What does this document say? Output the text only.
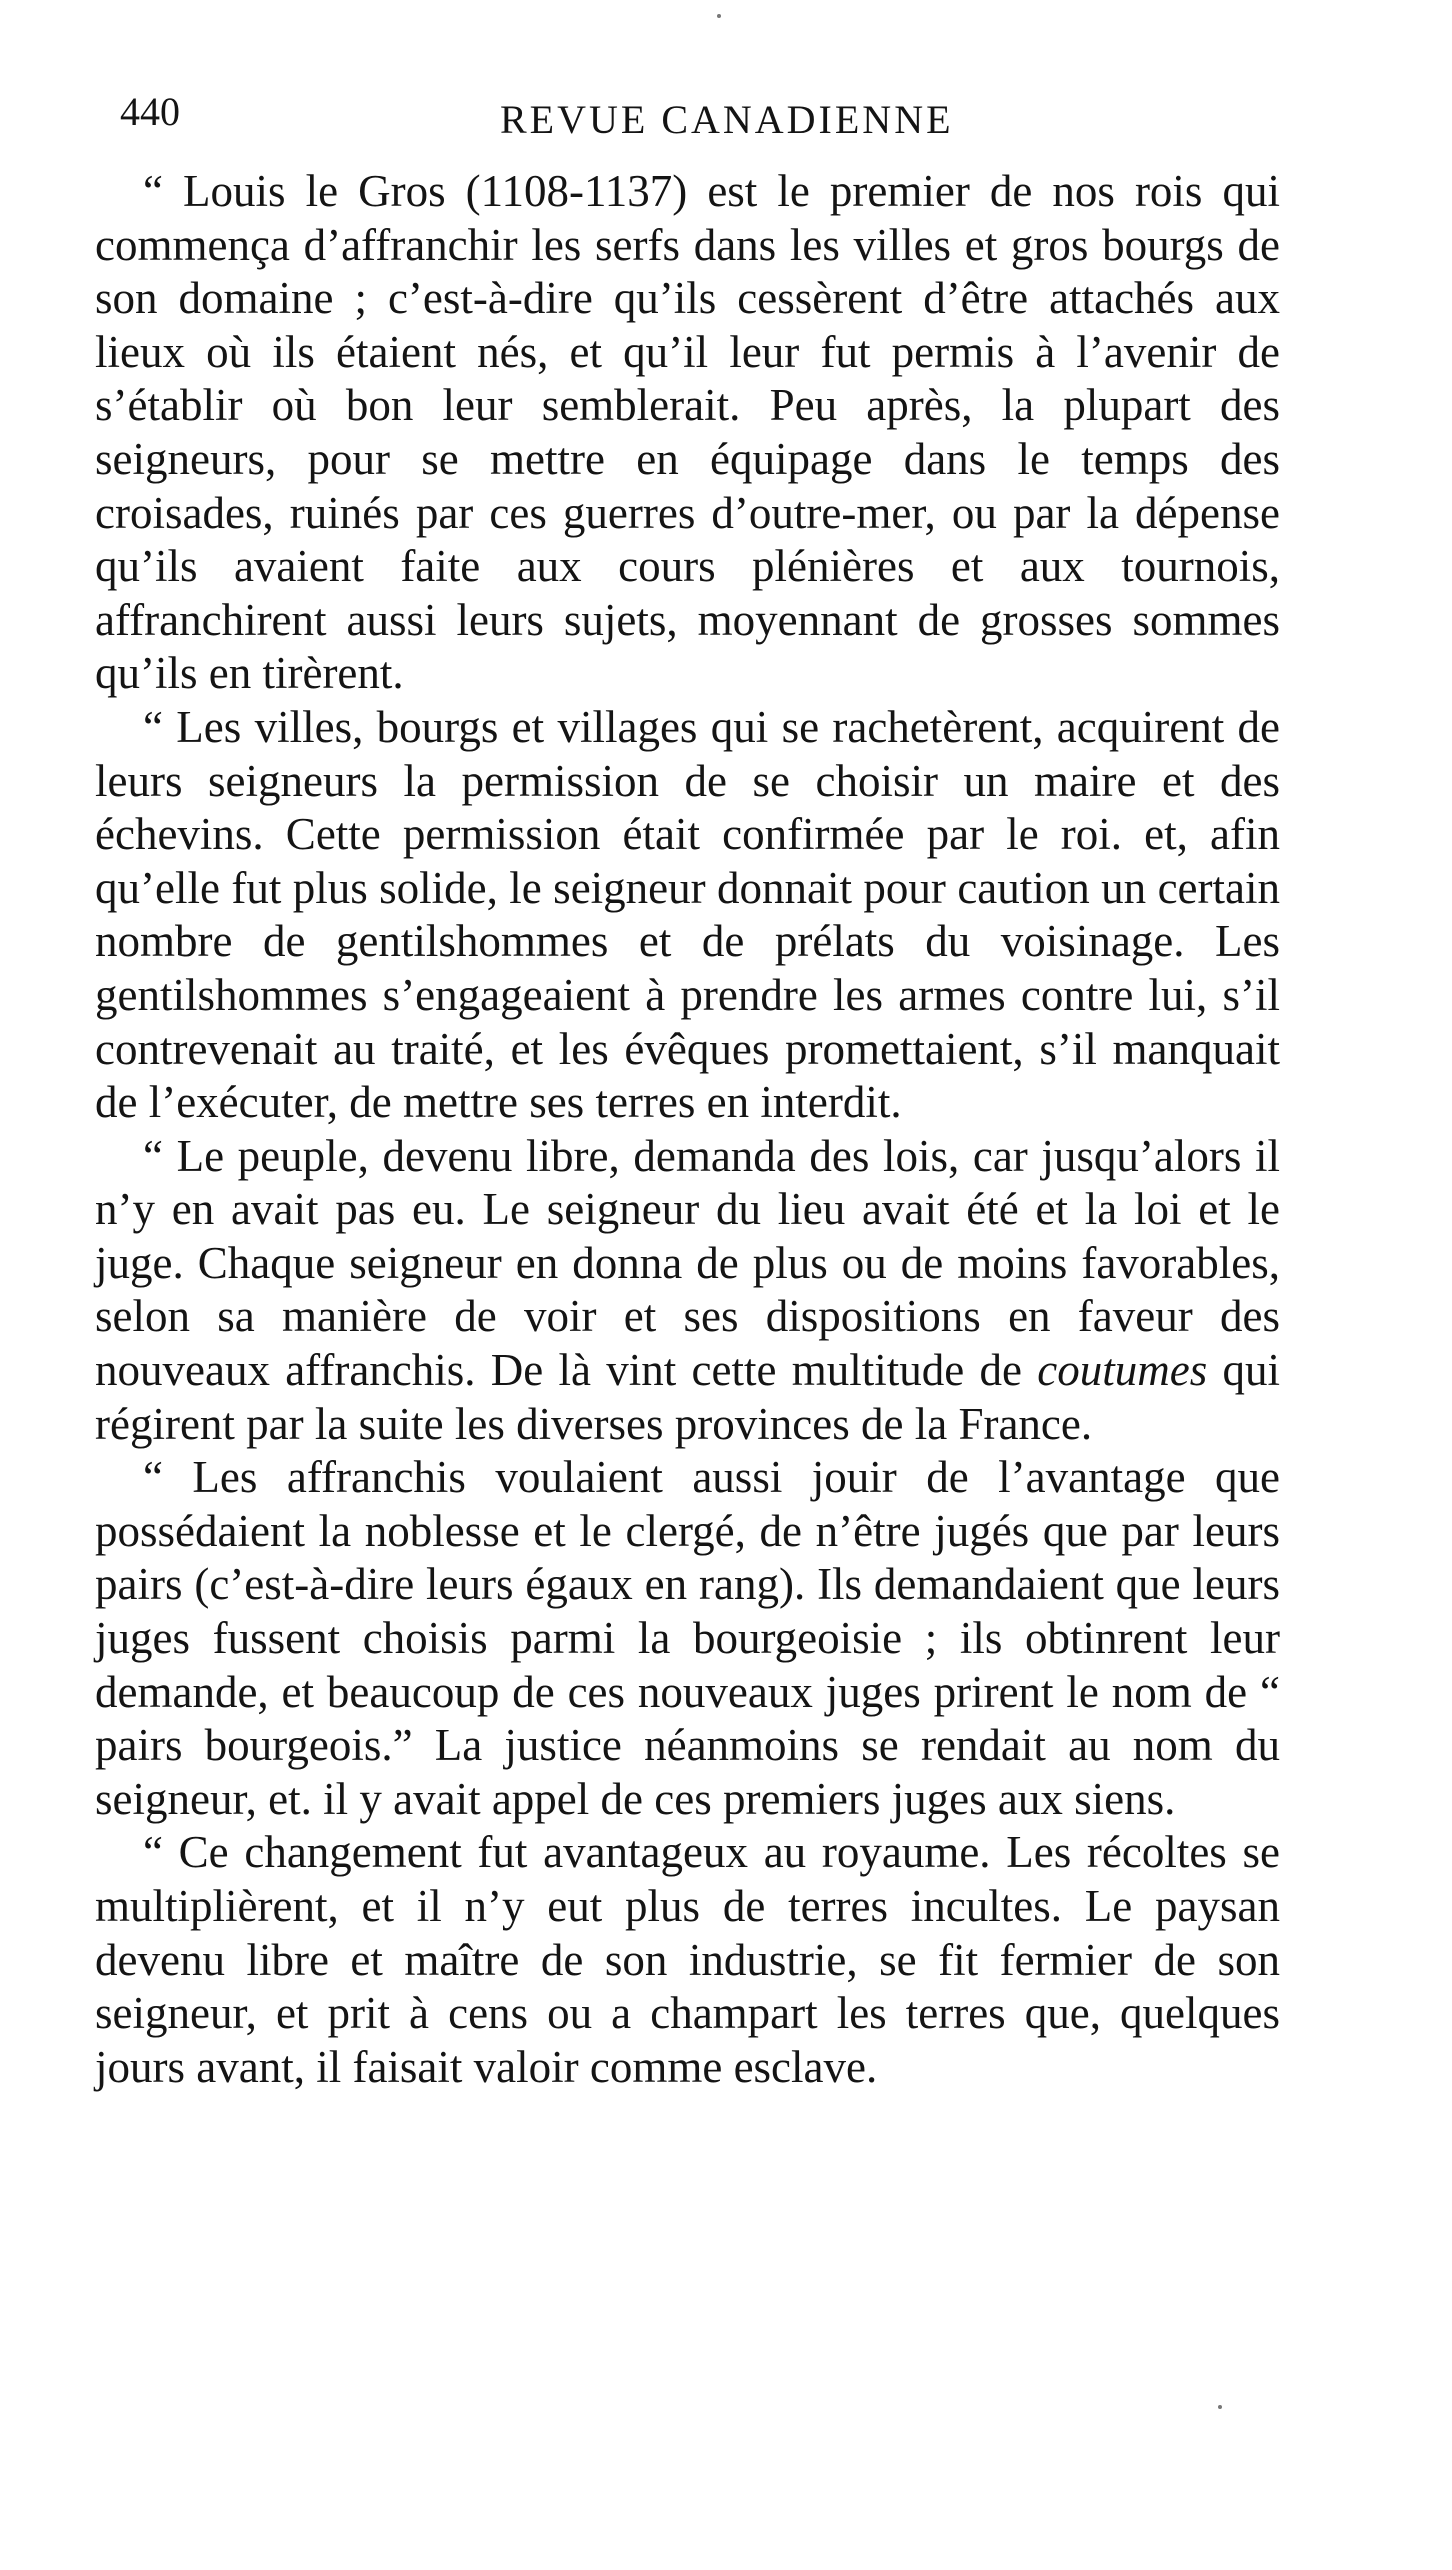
440	REVUE CANADIENNE

“ Louis le Gros (1108-1137) est le premier de nos rois qui commença d’affranchir les serfs dans les villes et gros bourgs de son domaine ; c’est-à-dire qu’ils cessèrent d’être attachés aux lieux où ils étaient nés, et qu’il leur fut permis à l’avenir de s’établir où bon leur semblerait. Peu après, la plupart des seigneurs, pour se mettre en équipage dans le temps des croisades, ruinés par ces guerres d’outre-mer, ou par la dépense qu’ils avaient faite aux cours plénières et aux tournois, affranchirent aussi leurs sujets, moyennant de grosses sommes qu’ils en tirèrent.

“ Les villes, bourgs et villages qui se rachetèrent, acquirent de leurs seigneurs la permission de se choisir un maire et des échevins. Cette permission était confirmée par le roi. et, afin qu’elle fut plus solide, le seigneur donnait pour caution un certain nombre de gentilshommes et de prélats du voisinage. Les gentilshommes s’engageaient à prendre les armes contre lui, s’il contrevenait au traité, et les évêques promettaient, s’il manquait de l’exécuter, de mettre ses terres en interdit.

“ Le peuple, devenu libre, demanda des lois, car jusqu’alors il n’y en avait pas eu. Le seigneur du lieu avait été et la loi et le juge. Chaque seigneur en donna de plus ou de moins favorables, selon sa manière de voir et ses dispositions en faveur des nouveaux affranchis. De là vint cette multitude de coutumes qui régirent par la suite les diverses provinces de la France.

“ Les affranchis voulaient aussi jouir de l’avantage que possédaient la noblesse et le clergé, de n’être jugés que par leurs pairs (c’est-à-dire leurs égaux en rang). Ils demandaient que leurs juges fussent choisis parmi la bourgeoisie ; ils obtinrent leur demande, et beaucoup de ces nouveaux juges prirent le nom de “ pairs bourgeois.” La justice néanmoins se rendait au nom du seigneur, et. il y avait appel de ces premiers juges aux siens.

“ Ce changement fut avantageux au royaume. Les récoltes se multiplièrent, et il n’y eut plus de terres incultes. Le paysan devenu libre et maître de son industrie, se fit fermier de son seigneur, et prit à cens ou a champart les terres que, quelques jours avant, il faisait valoir comme esclave.
